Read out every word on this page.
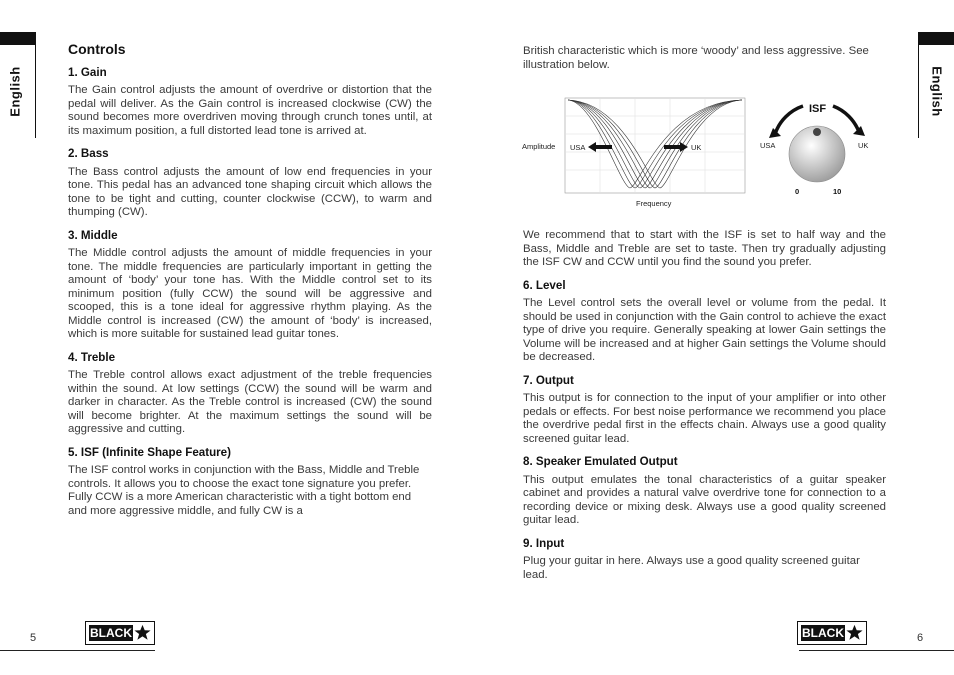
English	English
Controls
1. Gain

The Gain control adjusts the amount of overdrive or distortion that the pedal will deliver. As the Gain control is increased clockwise (CW) the sound becomes more overdriven moving through crunch tones until, at its maximum position, a full distorted lead tone is arrived at.

2. Bass

The Bass control adjusts the amount of low end frequencies in your tone. This pedal has an advanced tone shaping circuit which allows the tone to be tight and cutting, counter clockwise (CCW), to warm and thumping (CW).

3. Middle

The Middle control adjusts the amount of middle frequencies in your tone. The middle frequencies are particularly important in getting the amount of ‘body’ your tone has. With the Middle control set to its minimum position (fully CCW) the sound will be aggressive and scooped, this is a tone ideal for aggressive rhythm playing. As the Middle control is increased (CW) the amount of ‘body’ is increased, which is more suitable for sustained lead guitar tones.

4. Treble

The Treble control allows exact adjustment of the treble frequencies within the sound. At low settings (CCW) the sound will be warm and darker in character. As the Treble control is increased (CW) the sound will become brighter. At the maximum settings the sound will be aggressive and cutting.

5. ISF (Infinite Shape Feature)

The ISF control works in conjunction with the Bass, Middle and Treble controls. It allows you to choose the exact tone signature you prefer. Fully CCW is a more American characteristic with a tight bottom end and more aggressive middle, and fully CW is a

British characteristic which is more ‘woody’ and less aggressive. See illustration below.

Amplitude USA	UK
Frequency
ISF
USA	UK
0	10

We recommend that to start with the ISF is set to half way and the Bass, Middle and Treble are set to taste. Then try gradually adjusting the ISF CW and CCW until you find the sound you prefer.

6. Level

The Level control sets the overall level or volume from the pedal. It should be used in conjunction with the Gain control to achieve the exact type of drive you require. Generally speaking at lower Gain settings the Volume will be increased and at higher Gain settings the Volume should be decreased.

7. Output

This output is for connection to the input of your amplifier or into other pedals or effects. For best noise performance we recommend you place the overdrive pedal first in the effects chain. Always use a good quality screened guitar lead.

8. Speaker Emulated Output

This output emulates the tonal characteristics of a guitar speaker cabinet and provides a natural valve overdrive tone for connection to a recording device or mixing desk. Always use a good quality screened guitar lead.

9. Input

Plug your guitar in here. Always use a good quality screened guitar lead.

5	BLACK	6
BLACK
